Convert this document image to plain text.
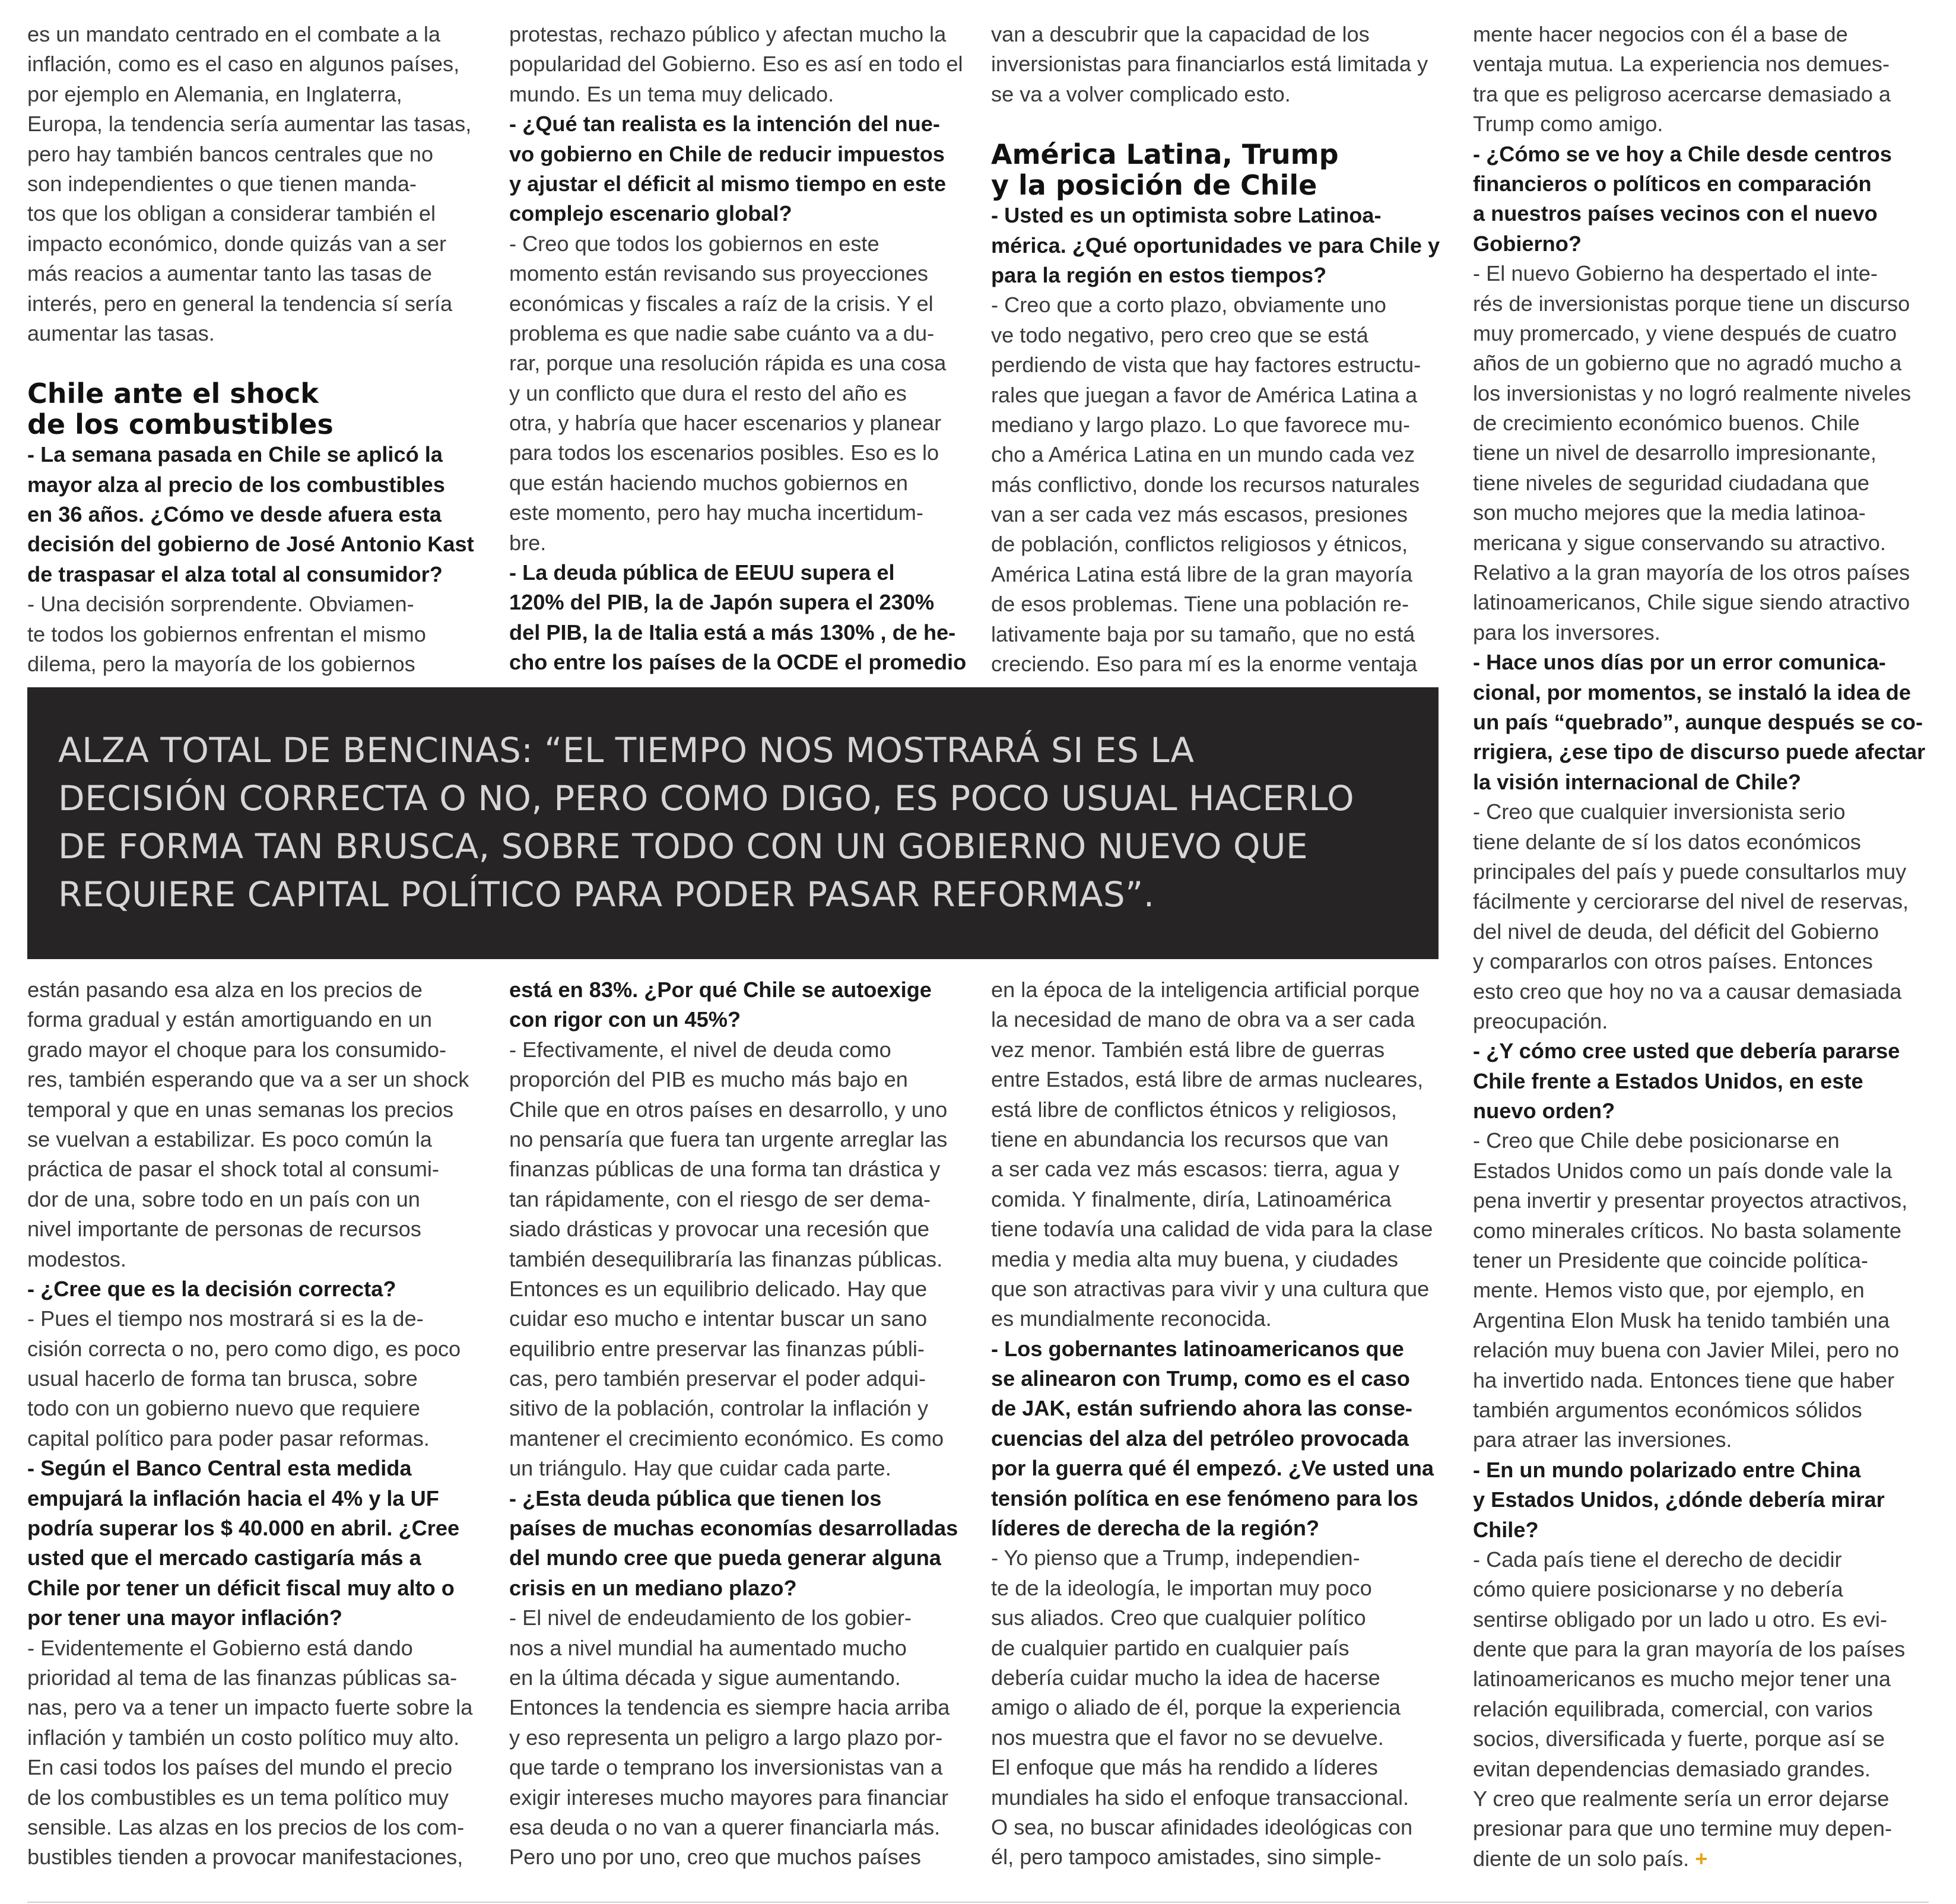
es un mandato centrado en el combate a la
inflación, como es el caso en algunos países,
por ejemplo en Alemania, en Inglaterra,
Europa, la tendencia sería aumentar las tasas,
pero hay también bancos centrales que no
son independientes o que tienen manda-
tos que los obligan a considerar también el
impacto económico, donde quizás van a ser
más reacios a aumentar tanto las tasas de
interés, pero en general la tendencia sí sería
aumentar las tasas.
Chile ante el shock
de los combustibles
- La semana pasada en Chile se aplicó la
mayor alza al precio de los combustibles
en 36 años. ¿Cómo ve desde afuera esta
decisión del gobierno de José Antonio Kast
de traspasar el alza total al consumidor?
- Una decisión sorprendente. Obviamen-
te todos los gobiernos enfrentan el mismo
dilema, pero la mayoría de los gobiernos
protestas, rechazo público y afectan mucho la
popularidad del Gobierno. Eso es así en todo el
mundo. Es un tema muy delicado.
- ¿Qué tan realista es la intención del nue-
vo gobierno en Chile de reducir impuestos
y ajustar el déficit al mismo tiempo en este
complejo escenario global?
- Creo que todos los gobiernos en este
momento están revisando sus proyecciones
económicas y fiscales a raíz de la crisis. Y el
problema es que nadie sabe cuánto va a du-
rar, porque una resolución rápida es una cosa
y un conflicto que dura el resto del año es
otra, y habría que hacer escenarios y planear
para todos los escenarios posibles. Eso es lo
que están haciendo muchos gobiernos en
este momento, pero hay mucha incertidum-
bre.
- La deuda pública de EEUU supera el
120% del PIB, la de Japón supera el 230%
del PIB, la de Italia está a más 130% , de he-
cho entre los países de la OCDE el promedio
van a descubrir que la capacidad de los
inversionistas para financiarlos está limitada y
se va a volver complicado esto.
América Latina, Trump
y la posición de Chile
- Usted es un optimista sobre Latinoa-
mérica. ¿Qué oportunidades ve para Chile y
para la región en estos tiempos?
- Creo que a corto plazo, obviamente uno
ve todo negativo, pero creo que se está
perdiendo de vista que hay factores estructu-
rales que juegan a favor de América Latina a
mediano y largo plazo. Lo que favorece mu-
cho a América Latina en un mundo cada vez
más conflictivo, donde los recursos naturales
van a ser cada vez más escasos, presiones
de población, conflictos religiosos y étnicos,
América Latina está libre de la gran mayoría
de esos problemas. Tiene una población re-
lativamente baja por su tamaño, que no está
creciendo. Eso para mí es la enorme ventaja
mente hacer negocios con él a base de
ventaja mutua. La experiencia nos demues-
tra que es peligroso acercarse demasiado a
Trump como amigo.
- ¿Cómo se ve hoy a Chile desde centros
financieros o políticos en comparación
a nuestros países vecinos con el nuevo
Gobierno?
- El nuevo Gobierno ha despertado el inte-
rés de inversionistas porque tiene un discurso
muy promercado, y viene después de cuatro
años de un gobierno que no agradó mucho a
los inversionistas y no logró realmente niveles
de crecimiento económico buenos. Chile
tiene un nivel de desarrollo impresionante,
tiene niveles de seguridad ciudadana que
son mucho mejores que la media latinoa-
mericana y sigue conservando su atractivo.
Relativo a la gran mayoría de los otros países
latinoamericanos, Chile sigue siendo atractivo
para los inversores.
- Hace unos días por un error comunica-
cional, por momentos, se instaló la idea de
un país “quebrado”, aunque después se co-
rrigiera, ¿ese tipo de discurso puede afectar
la visión internacional de Chile?
- Creo que cualquier inversionista serio
tiene delante de sí los datos económicos
principales del país y puede consultarlos muy
fácilmente y cerciorarse del nivel de reservas,
del nivel de deuda, del déficit del Gobierno
y compararlos con otros países. Entonces
esto creo que hoy no va a causar demasiada
preocupación.
- ¿Y cómo cree usted que debería pararse
Chile frente a Estados Unidos, en este
nuevo orden?
- Creo que Chile debe posicionarse en
Estados Unidos como un país donde vale la
pena invertir y presentar proyectos atractivos,
como minerales críticos. No basta solamente
tener un Presidente que coincide política-
mente. Hemos visto que, por ejemplo, en
Argentina Elon Musk ha tenido también una
relación muy buena con Javier Milei, pero no
ha invertido nada. Entonces tiene que haber
también argumentos económicos sólidos
para atraer las inversiones.
- En un mundo polarizado entre China
y Estados Unidos, ¿dónde debería mirar
Chile?
- Cada país tiene el derecho de decidir
cómo quiere posicionarse y no debería
sentirse obligado por un lado u otro. Es evi-
dente que para la gran mayoría de los países
latinoamericanos es mucho mejor tener una
relación equilibrada, comercial, con varios
socios, diversificada y fuerte, porque así se
evitan dependencias demasiado grandes.
Y creo que realmente sería un error dejarse
presionar para que uno termine muy depen-
diente de un solo país. +
ALZA TOTAL DE BENCINAS: “EL TIEMPO NOS MOSTRARÁ SI ES LA
DECISIÓN CORRECTA O NO, PERO COMO DIGO, ES POCO USUAL HACERLO
DE FORMA TAN BRUSCA, SOBRE TODO CON UN GOBIERNO NUEVO QUE
REQUIERE CAPITAL POLÍTICO PARA PODER PASAR REFORMAS”.
están pasando esa alza en los precios de
forma gradual y están amortiguando en un
grado mayor el choque para los consumido-
res, también esperando que va a ser un shock
temporal y que en unas semanas los precios
se vuelvan a estabilizar. Es poco común la
práctica de pasar el shock total al consumi-
dor de una, sobre todo en un país con un
nivel importante de personas de recursos
modestos.
- ¿Cree que es la decisión correcta?
- Pues el tiempo nos mostrará si es la de-
cisión correcta o no, pero como digo, es poco
usual hacerlo de forma tan brusca, sobre
todo con un gobierno nuevo que requiere
capital político para poder pasar reformas.
- Según el Banco Central esta medida
empujará la inflación hacia el 4% y la UF
podría superar los $ 40.000 en abril. ¿Cree
usted que el mercado castigaría más a
Chile por tener un déficit fiscal muy alto o
por tener una mayor inflación?
- Evidentemente el Gobierno está dando
prioridad al tema de las finanzas públicas sa-
nas, pero va a tener un impacto fuerte sobre la
inflación y también un costo político muy alto.
En casi todos los países del mundo el precio
de los combustibles es un tema político muy
sensible. Las alzas en los precios de los com-
bustibles tienden a provocar manifestaciones,
está en 83%. ¿Por qué Chile se autoexige
con rigor con un 45%?
- Efectivamente, el nivel de deuda como
proporción del PIB es mucho más bajo en
Chile que en otros países en desarrollo, y uno
no pensaría que fuera tan urgente arreglar las
finanzas públicas de una forma tan drástica y
tan rápidamente, con el riesgo de ser dema-
siado drásticas y provocar una recesión que
también desequilibraría las finanzas públicas.
Entonces es un equilibrio delicado. Hay que
cuidar eso mucho e intentar buscar un sano
equilibrio entre preservar las finanzas públi-
cas, pero también preservar el poder adqui-
sitivo de la población, controlar la inflación y
mantener el crecimiento económico. Es como
un triángulo. Hay que cuidar cada parte.
- ¿Esta deuda pública que tienen los
países de muchas economías desarrolladas
del mundo cree que pueda generar alguna
crisis en un mediano plazo?
- El nivel de endeudamiento de los gobier-
nos a nivel mundial ha aumentado mucho
en la última década y sigue aumentando.
Entonces la tendencia es siempre hacia arriba
y eso representa un peligro a largo plazo por-
que tarde o temprano los inversionistas van a
exigir intereses mucho mayores para financiar
esa deuda o no van a querer financiarla más.
Pero uno por uno, creo que muchos países
en la época de la inteligencia artificial porque
la necesidad de mano de obra va a ser cada
vez menor. También está libre de guerras
entre Estados, está libre de armas nucleares,
está libre de conflictos étnicos y religiosos,
tiene en abundancia los recursos que van
a ser cada vez más escasos: tierra, agua y
comida. Y finalmente, diría, Latinoamérica
tiene todavía una calidad de vida para la clase
media y media alta muy buena, y ciudades
que son atractivas para vivir y una cultura que
es mundialmente reconocida.
- Los gobernantes latinoamericanos que
se alinearon con Trump, como es el caso
de JAK, están sufriendo ahora las conse-
cuencias del alza del petróleo provocada
por la guerra qué él empezó. ¿Ve usted una
tensión política en ese fenómeno para los
líderes de derecha de la región?
- Yo pienso que a Trump, independien-
te de la ideología, le importan muy poco
sus aliados. Creo que cualquier político
de cualquier partido en cualquier país
debería cuidar mucho la idea de hacerse
amigo o aliado de él, porque la experiencia
nos muestra que el favor no se devuelve.
El enfoque que más ha rendido a líderes
mundiales ha sido el enfoque transaccional.
O sea, no buscar afinidades ideológicas con
él, pero tampoco amistades, sino simple-
